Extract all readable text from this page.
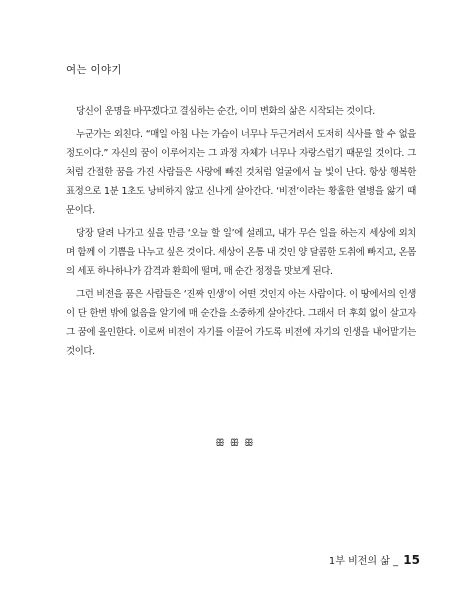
여는 이야기

당신이 운명을 바꾸겠다고 결심하는 순간, 이미 변화의 삶은 시작되는 것이다.

누군가는 외친다. “매일 아침 나는 가슴이 너무나 두근거려서 도저히 식사를 할 수 없을 정도이다.” 자신의 꿈이 이루어지는 그 과정 자체가 너무나 자랑스럽기 때문일 것이다. 그처럼 간절한 꿈을 가진 사람들은 사랑에 빠진 것처럼 얼굴에서 늘 빛이 난다. 항상 행복한 표정으로 1분 1초도 낭비하지 않고 신나게 살아간다. ‘비전’이라는 황홀한 열병을 앓기 때문이다.

당장 달려 나가고 싶을 만큼 ‘오늘 할 일’에 설레고, 내가 무슨 일을 하는지 세상에 외치며 함께 이 기쁨을 나누고 싶은 것이다. 세상이 온통 내 것인 양 달콤한 도취에 빠지고, 온몸의 세포 하나하나가 감격과 환희에 떨며, 매 순간 정정을 맛보게 된다.

그런 비전을 품은 사람들은 ‘진짜 인생’이 어떤 것인지 아는 사람이다. 이 땅에서의 인생이 단 한번 밖에 없음을 알기에 매 순간을 소중하게 살아간다. 그래서 더 후회 없이 살고자 그 꿈에 올인한다. 이로써 비전이 자기를 이끌어 가도록 비전에 자기의 인생을 내어맡기는 것이다.

ꕥ ꕥ ꕥ
1부 비전의 삶 _ 15
